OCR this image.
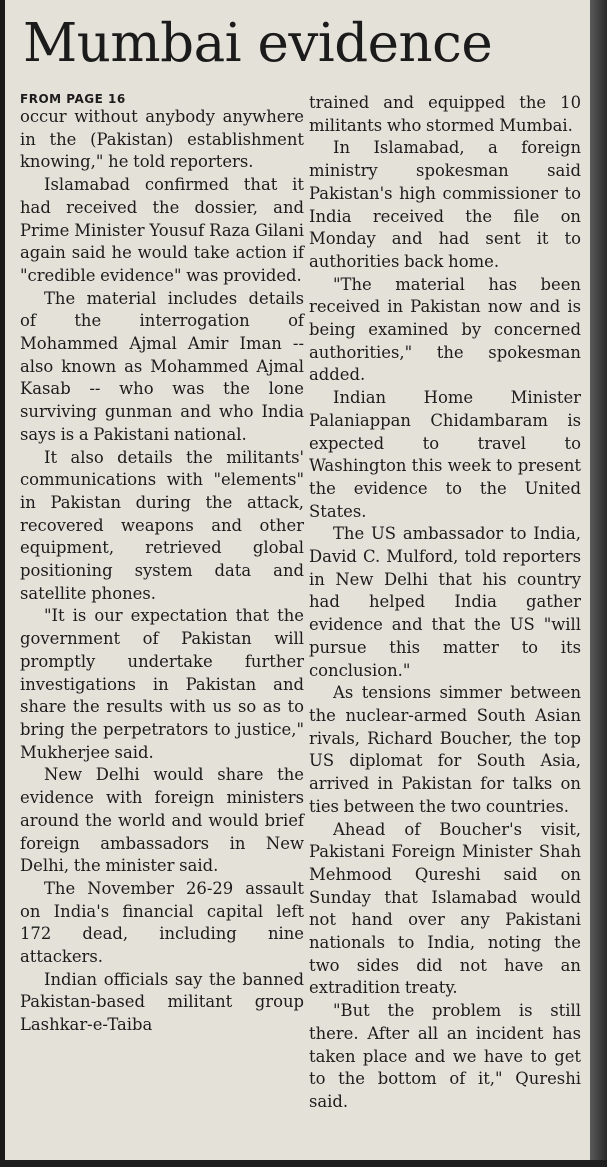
Mumbai evidence
FROM PAGE 16

occur without anybody anywhere in the (Pakistan) establishment knowing," he told reporters.

Islamabad confirmed that it had received the dossier, and Prime Minister Yousuf Raza Gilani again said he would take action if "credible evidence" was provided.

The material includes details of the interrogation of Mohammed Ajmal Amir Iman -- also known as Mohammed Ajmal Kasab -- who was the lone surviving gunman and who India says is a Pakistani national.

It also details the militants' communications with "elements" in Pakistan during the attack, recovered weapons and other equipment, retrieved global positioning system data and satellite phones.

"It is our expectation that the government of Pakistan will promptly undertake further investigations in Pakistan and share the results with us so as to bring the perpetrators to justice," Mukherjee said.

New Delhi would share the evidence with foreign ministers around the world and would brief foreign ambassadors in New Delhi, the minister said.

The November 26-29 assault on India's financial capital left 172 dead, including nine attackers.

Indian officials say the banned Pakistan-based militant group Lashkar-e-Taiba

trained and equipped the 10 militants who stormed Mumbai.

In Islamabad, a foreign ministry spokesman said Pakistan's high commissioner to India received the file on Monday and had sent it to authorities back home.

"The material has been received in Pakistan now and is being examined by concerned authorities," the spokesman added.

Indian Home Minister Palaniappan Chidambaram is expected to travel to Washington this week to present the evidence to the United States.

The US ambassador to India, David C. Mulford, told reporters in New Delhi that his country had helped India gather evidence and that the US "will pursue this matter to its conclusion."

As tensions simmer between the nuclear-armed South Asian rivals, Richard Boucher, the top US diplomat for South Asia, arrived in Pakistan for talks on ties between the two countries.

Ahead of Boucher's visit, Pakistani Foreign Minister Shah Mehmood Qureshi said on Sunday that Islamabad would not hand over any Pakistani nationals to India, noting the two sides did not have an extradition treaty.

"But the problem is still there. After all an incident has taken place and we have to get to the bottom of it," Qureshi said.
